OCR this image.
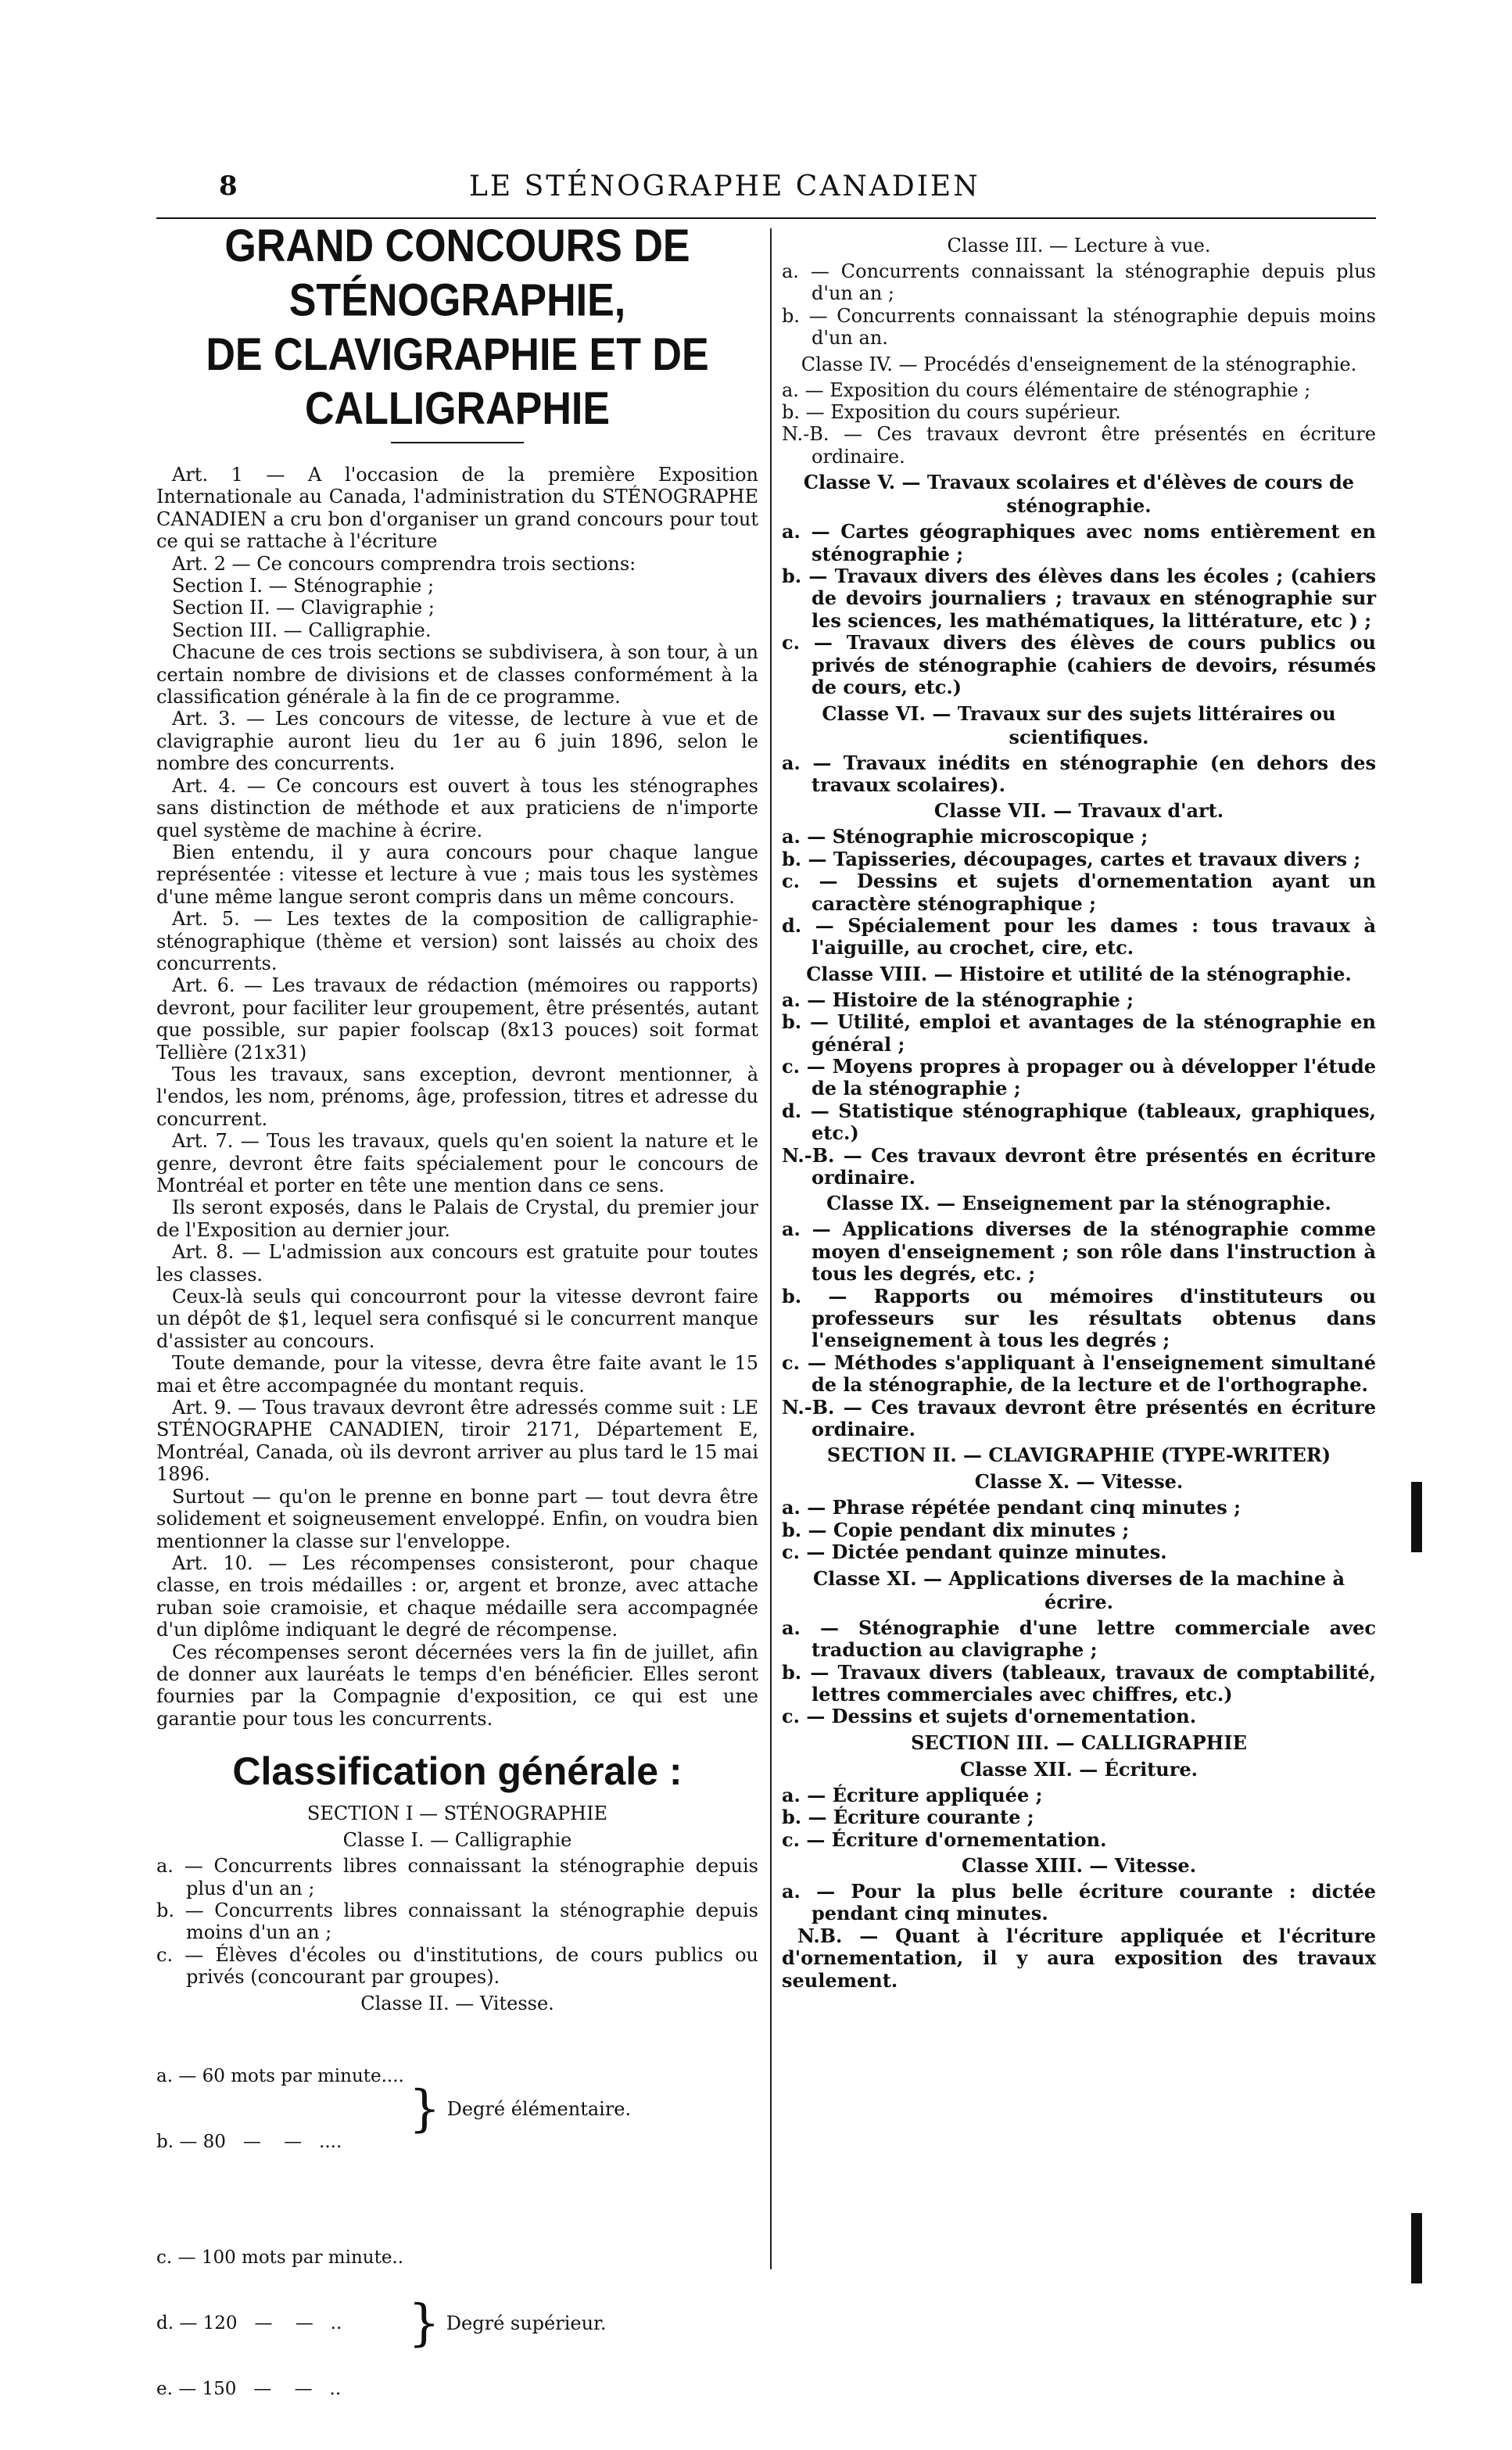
8	LE STÉNOGRAPHE CANADIEN
GRAND CONCOURS DE STÉNOGRAPHIE,
DE CLAVIGRAPHIE ET DE
CALLIGRAPHIE

Art. 1 — A l'occasion de la première Exposition Internationale au Canada, l'administration du STÉNOGRAPHE CANADIEN a cru bon d'organiser un grand concours pour tout ce qui se rattache à l'écriture

Art. 2 — Ce concours comprendra trois sections:

Section I. — Sténographie ;

Section II. — Clavigraphie ;

Section III. — Calligraphie.

Chacune de ces trois sections se subdivisera, à son tour, à un certain nombre de divisions et de classes conformément à la classification générale à la fin de ce programme.

Art. 3. — Les concours de vitesse, de lecture à vue et de clavigraphie auront lieu du 1er au 6 juin 1896, selon le nombre des concurrents.

Art. 4. — Ce concours est ouvert à tous les sténographes sans distinction de méthode et aux praticiens de n'importe quel système de machine à écrire.

Bien entendu, il y aura concours pour chaque langue représentée : vitesse et lecture à vue ; mais tous les systèmes d'une même langue seront compris dans un même concours.

Art. 5. — Les textes de la composition de calligraphie-sténographique (thème et version) sont laissés au choix des concurrents.

Art. 6. — Les travaux de rédaction (mémoires ou rapports) devront, pour faciliter leur groupement, être présentés, autant que possible, sur papier foolscap (8x13 pouces) soit format Tellière (21x31)

Tous les travaux, sans exception, devront mentionner, à l'endos, les nom, prénoms, âge, profession, titres et adresse du concurrent.

Art. 7. — Tous les travaux, quels qu'en soient la nature et le genre, devront être faits spécialement pour le concours de Montréal et porter en tête une mention dans ce sens.

Ils seront exposés, dans le Palais de Crystal, du premier jour de l'Exposition au dernier jour.

Art. 8. — L'admission aux concours est gratuite pour toutes les classes.

Ceux-là seuls qui concourront pour la vitesse devront faire un dépôt de $1, lequel sera confisqué si le concurrent manque d'assister au concours.

Toute demande, pour la vitesse, devra être faite avant le 15 mai et être accompagnée du montant requis.

Art. 9. — Tous travaux devront être adressés comme suit : LE STÉNOGRAPHE CANADIEN, tiroir 2171, Département E, Montréal, Canada, où ils devront arriver au plus tard le 15 mai 1896.

Surtout — qu'on le prenne en bonne part — tout devra être solidement et soigneusement enveloppé. Enfin, on voudra bien mentionner la classe sur l'enveloppe.

Art. 10. — Les récompenses consisteront, pour chaque classe, en trois médailles : or, argent et bronze, avec attache ruban soie cramoisie, et chaque médaille sera accompagnée d'un diplôme indiquant le degré de récompense.

Ces récompenses seront décernées vers la fin de juillet, afin de donner aux lauréats le temps d'en bénéficier. Elles seront fournies par la Compagnie d'exposition, ce qui est une garantie pour tous les concurrents.

Classification générale :
SECTION I — STÉNOGRAPHIE
Classe I. — Calligraphie

a. — Concurrents libres connaissant la sténographie depuis plus d'un an ;

b. — Concurrents libres connaissant la sténographie depuis moins d'un an ;

c. — Élèves d'écoles ou d'institutions, de cours publics ou privés (concourant par groupes).

Classe II. — Vitesse.

a. — 60 mots par minute....

b. — 80   —    —   ....

} Degré élémentaire.

c. — 100 mots par minute..

d. — 120   —    —   ..

e. — 150   —    —   ..

} Degré supérieur.
Classe III. — Lecture à vue.

a. — Concurrents connaissant la sténographie depuis plus d'un an ;

b. — Concurrents connaissant la sténographie depuis moins d'un an.

Classe IV. — Procédés d'enseignement de la sténographie.

a. — Exposition du cours élémentaire de sténographie ;

b. — Exposition du cours supérieur.

N.-B. — Ces travaux devront être présentés en écriture ordinaire.

Classe V. — Travaux scolaires et d'élèves de cours de sténographie.

a. — Cartes géographiques avec noms entièrement en sténographie ;

b. — Travaux divers des élèves dans les écoles ; (cahiers de devoirs journaliers ; travaux en sténographie sur les sciences, les mathématiques, la littérature, etc ) ;

c. — Travaux divers des élèves de cours publics ou privés de sténographie (cahiers de devoirs, résumés de cours, etc.)

Classe VI. — Travaux sur des sujets littéraires ou scientifiques.

a. — Travaux inédits en sténographie (en dehors des travaux scolaires).

Classe VII. — Travaux d'art.

a. — Sténographie microscopique ;

b. — Tapisseries, découpages, cartes et travaux divers ;

c. — Dessins et sujets d'ornementation ayant un caractère sténographique ;

d. — Spécialement pour les dames : tous travaux à l'aiguille, au crochet, cire, etc.

Classe VIII. — Histoire et utilité de la sténographie.

a. — Histoire de la sténographie ;

b. — Utilité, emploi et avantages de la sténographie en général ;

c. — Moyens propres à propager ou à développer l'étude de la sténographie ;

d. — Statistique sténographique (tableaux, graphiques, etc.)

N.-B. — Ces travaux devront être présentés en écriture ordinaire.

Classe IX. — Enseignement par la sténographie.

a. — Applications diverses de la sténographie comme moyen d'enseignement ; son rôle dans l'instruction à tous les degrés, etc. ;

b. — Rapports ou mémoires d'instituteurs ou professeurs sur les résultats obtenus dans l'enseignement à tous les degrés ;

c. — Méthodes s'appliquant à l'enseignement simultané de la sténographie, de la lecture et de l'orthographe.

N.-B. — Ces travaux devront être présentés en écriture ordinaire.

SECTION II. — CLAVIGRAPHIE (TYPE-WRITER)
Classe X. — Vitesse.

a. — Phrase répétée pendant cinq minutes ;

b. — Copie pendant dix minutes ;

c. — Dictée pendant quinze minutes.

Classe XI. — Applications diverses de la machine à écrire.

a. — Sténographie d'une lettre commerciale avec traduction au clavigraphe ;

b. — Travaux divers (tableaux, travaux de comptabilité, lettres commerciales avec chiffres, etc.)

c. — Dessins et sujets d'ornementation.

SECTION III. — CALLIGRAPHIE
Classe XII. — Écriture.

a. — Écriture appliquée ;

b. — Écriture courante ;

c. — Écriture d'ornementation.

Classe XIII. — Vitesse.

a. — Pour la plus belle écriture courante : dictée pendant cinq minutes.

N.B. — Quant à l'écriture appliquée et l'écriture d'ornementation, il y aura exposition des travaux seulement.
